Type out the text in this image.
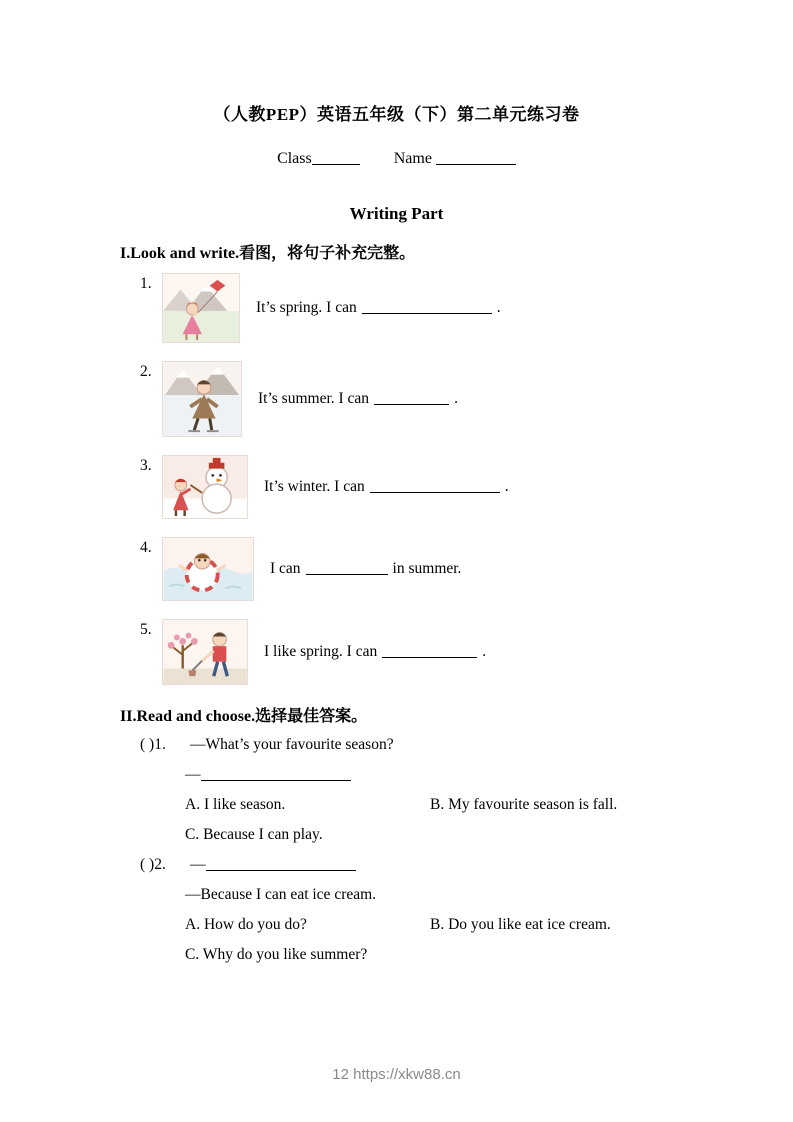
（人教PEP）英语五年级（下）第二单元练习卷
Class	Name
Writing Part
I.Look and write.看图，将句子补充完整。
1.
It’s spring. I can	.
2.
It’s summer. I can	.
3.
It’s winter. I can	.
4.
I can	in summer.
5.
I like spring. I can	.
II.Read and choose.选择最佳答案。
( )1. —What’s your favourite season?
—
A. I like season.	B. My favourite season is fall.
C. Because I can play.
( )2. —
—Because I can eat ice cream.
A. How do you do?	B. Do you like eat ice cream.
C. Why do you like summer?
12 https://xkw88.cn
